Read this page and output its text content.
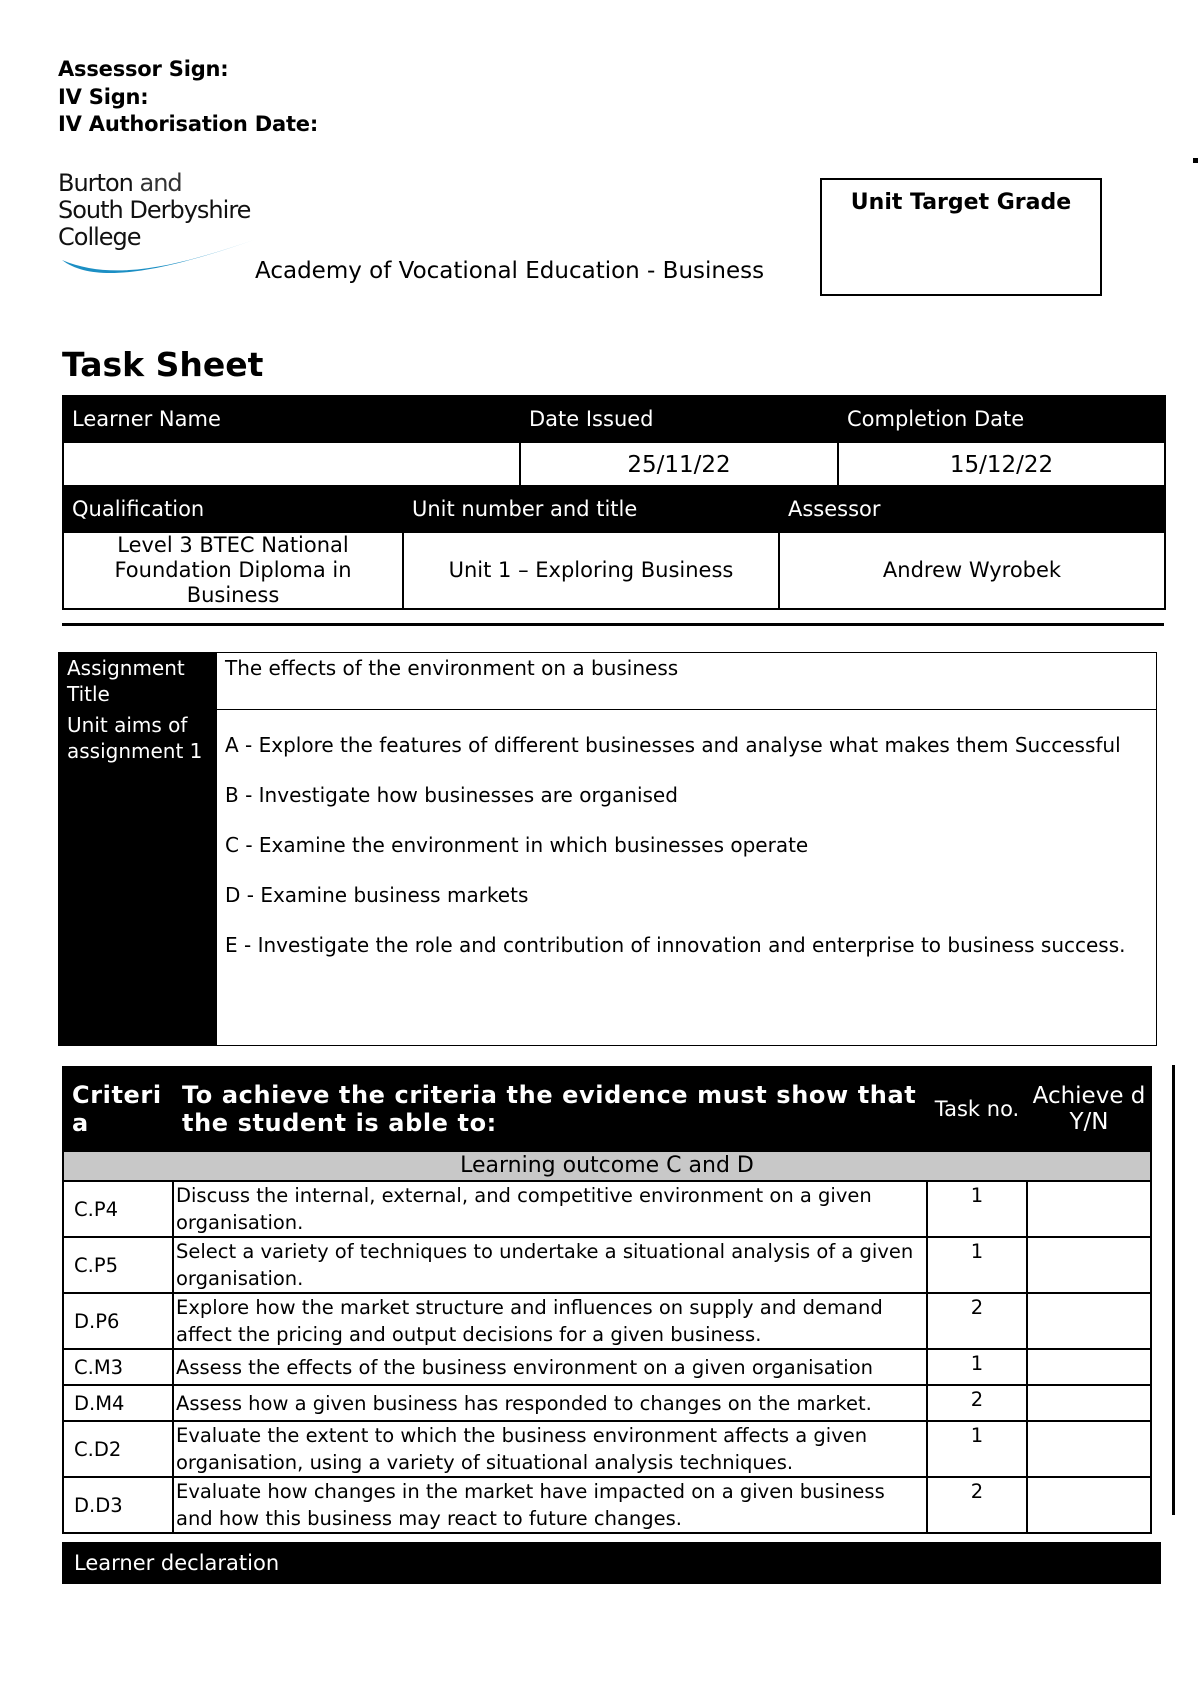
Assessor Sign:
IV Sign:
IV Authorisation Date:
Burton and
South Derbyshire
College
Academy of Vocational Education - Business
Unit Target Grade
Task Sheet
Learner Name	Date Issued	Completion Date
	25/11/22	15/12/22
Qualification	Unit number and title	Assessor
Level 3 BTEC National Foundation Diploma in Business	Unit 1 – Exploring Business	Andrew Wyrobek
Assignment Title	The effects of the environment on a business
Unit aims of assignment 1	A - Explore the features of different businesses and analyse what makes them Successful
B - Investigate how businesses are organised
C - Examine the environment in which businesses operate
D - Examine business markets
E - Investigate the role and contribution of innovation and enterprise to business success.
Criteri a	To achieve the criteria the evidence must show that the student is able to:	Task no.	Achieve d Y/N
Learning outcome C and D			
C.P4	Discuss the internal, external, and competitive environment on a given organisation.	1	
C.P5	Select a variety of techniques to undertake a situational analysis of a given organisation.	1	
D.P6	Explore how the market structure and influences on supply and demand affect the pricing and output decisions for a given business.	2	
C.M3	Assess the effects of the business environment on a given organisation	1	
D.M4	Assess how a given business has responded to changes on the market.	2	
C.D2	Evaluate the extent to which the business environment affects a given organisation, using a variety of situational analysis techniques.	1	
D.D3	Evaluate how changes in the market have impacted on a given business and how this business may react to future changes.	2	
Learner declaration
